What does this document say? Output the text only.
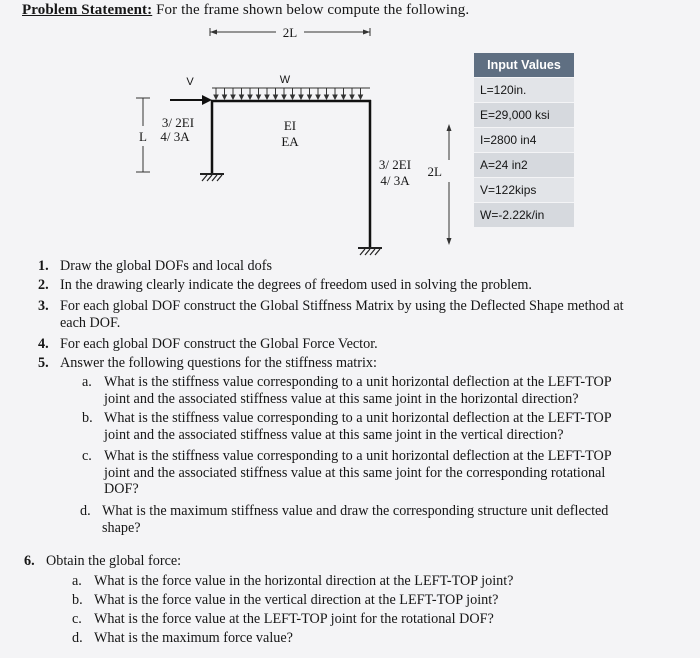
Problem Statement: For the frame shown below compute the following.
2L
W
V
L
3/ 2EI
4/ 3A
EI
EA
3/ 2EI
4/ 3A
2L
Input Values
L=120in.
E=29,000 ksi
I=2800 in4
A=24 in2
V=122kips
W=-2.22k/in
1. Draw the global DOFs and local dofs
2. In the drawing clearly indicate the degrees of freedom used in solving the problem.
3. For each global DOF construct the Global Stiffness Matrix by using the Deflected Shape method at
each DOF.
4. For each global DOF construct the Global Force Vector.
5. Answer the following questions for the stiffness matrix:
a. What is the stiffness value corresponding to a unit horizontal deflection at the LEFT-TOP
joint and the associated stiffness value at this same joint in the horizontal direction?
b. What is the stiffness value corresponding to a unit horizontal deflection at the LEFT-TOP
joint and the associated stiffness value at this same joint in the vertical direction?
c. What is the stiffness value corresponding to a unit horizontal deflection at the LEFT-TOP
joint and the associated stiffness value at this same joint for the corresponding rotational
DOF?
d. What is the maximum stiffness value and draw the corresponding structure unit deflected
shape?
6. Obtain the global force:
a. What is the force value in the horizontal direction at the LEFT-TOP joint?
b. What is the force value in the vertical direction at the LEFT-TOP joint?
c. What is the force value at the LEFT-TOP joint for the rotational DOF?
d. What is the maximum force value?
